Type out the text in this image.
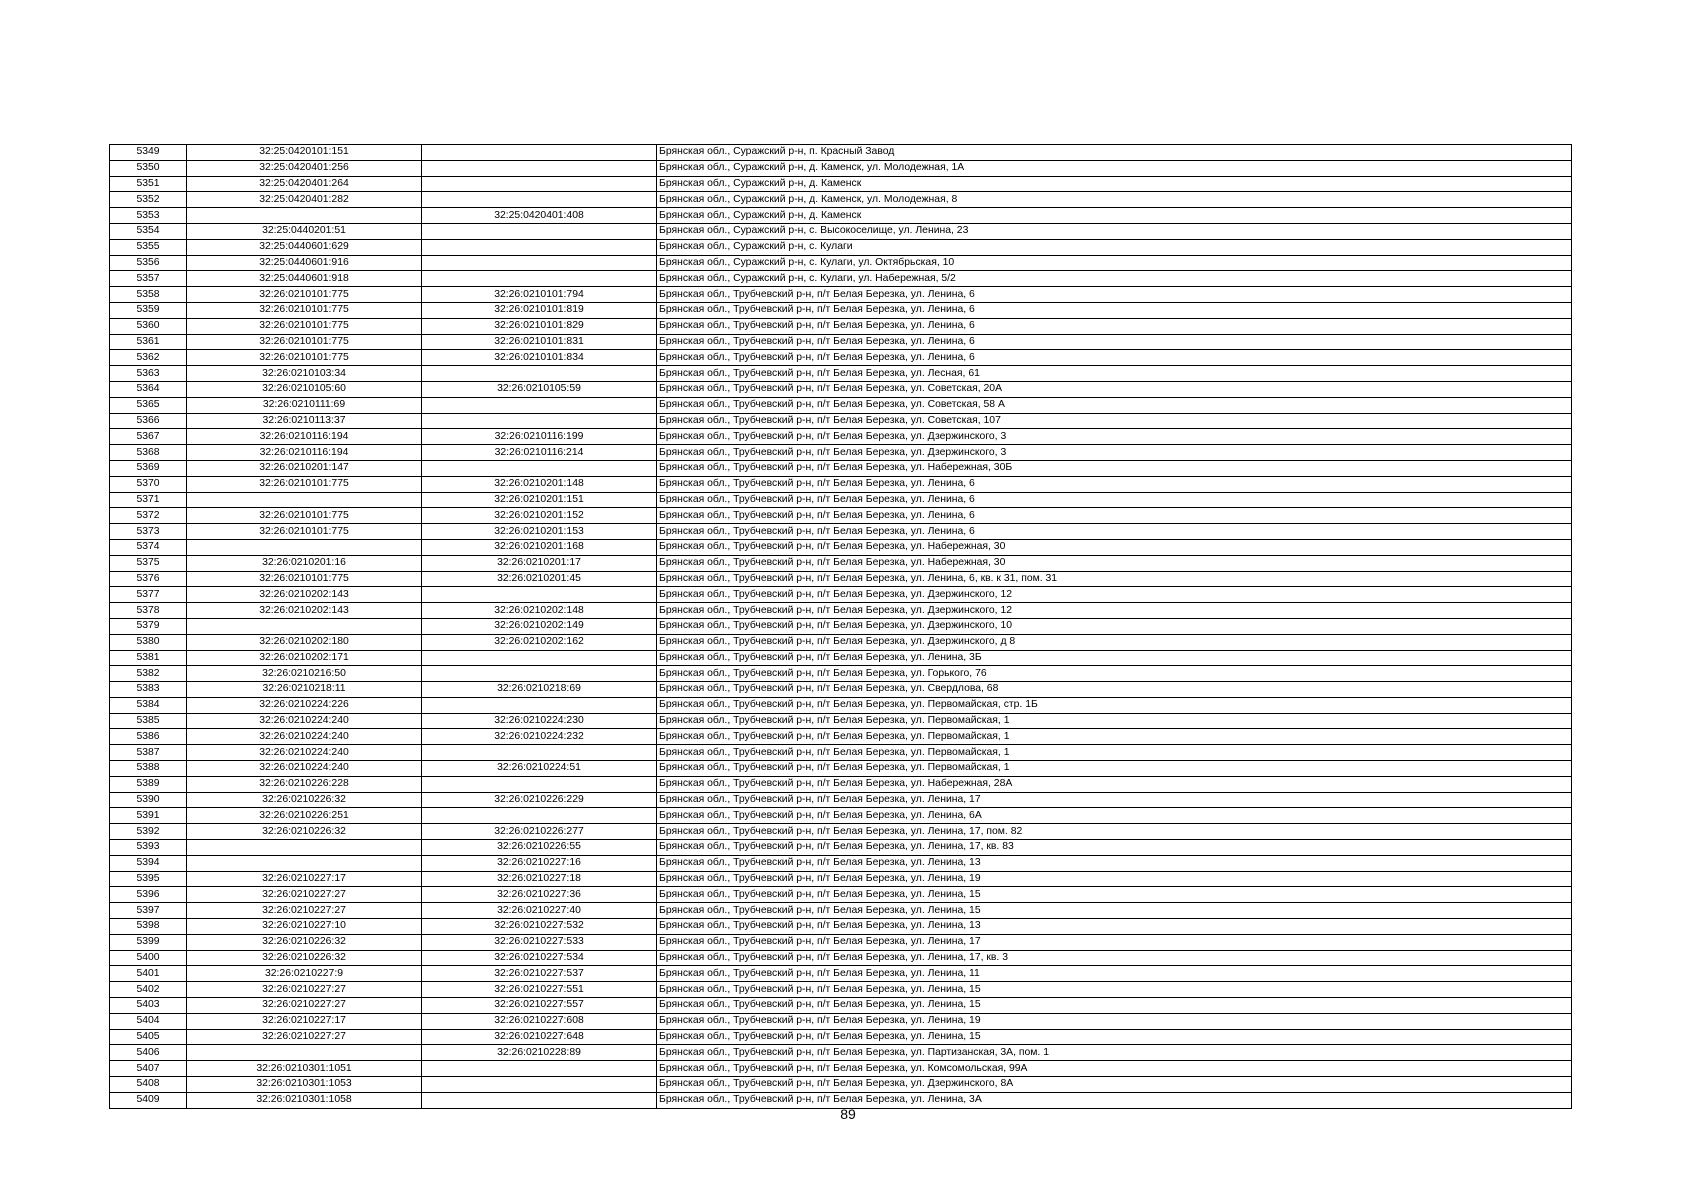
5349	32:25:0420101:151		Брянская обл., Суражский р-н, п. Красный Завод
5350	32:25:0420401:256		Брянская обл., Суражский р-н, д. Каменск, ул. Молодежная, 1А
5351	32:25:0420401:264		Брянская обл., Суражский р-н, д. Каменск
5352	32:25:0420401:282		Брянская обл., Суражский р-н, д. Каменск, ул. Молодежная, 8
5353		32:25:0420401:408	Брянская обл., Суражский р-н, д. Каменск
5354	32:25:0440201:51		Брянская обл., Суражский р-н, с. Высокоселище, ул. Ленина, 23
5355	32:25:0440601:629		Брянская обл., Суражский р-н, с. Кулаги
5356	32:25:0440601:916		Брянская обл., Суражский р-н, с. Кулаги, ул. Октябрьская, 10
5357	32:25:0440601:918		Брянская обл., Суражский р-н, с. Кулаги, ул. Набережная, 5/2
5358	32:26:0210101:775	32:26:0210101:794	Брянская обл., Трубчевский р-н, п/т Белая Березка, ул. Ленина, 6
5359	32:26:0210101:775	32:26:0210101:819	Брянская обл., Трубчевский р-н, п/т Белая Березка, ул. Ленина, 6
5360	32:26:0210101:775	32:26:0210101:829	Брянская обл., Трубчевский р-н, п/т Белая Березка, ул. Ленина, 6
5361	32:26:0210101:775	32:26:0210101:831	Брянская обл., Трубчевский р-н, п/т Белая Березка, ул. Ленина, 6
5362	32:26:0210101:775	32:26:0210101:834	Брянская обл., Трубчевский р-н, п/т Белая Березка, ул. Ленина, 6
5363	32:26:0210103:34		Брянская обл., Трубчевский р-н, п/т Белая Березка, ул. Лесная, 61
5364	32:26:0210105:60	32:26:0210105:59	Брянская обл., Трубчевский р-н, п/т Белая Березка, ул. Советская, 20А
5365	32:26:0210111:69		Брянская обл., Трубчевский р-н, п/т Белая Березка, ул. Советская, 58 А
5366	32:26:0210113:37		Брянская обл., Трубчевский р-н, п/т Белая Березка, ул. Советская, 107
5367	32:26:0210116:194	32:26:0210116:199	Брянская обл., Трубчевский р-н, п/т Белая Березка, ул. Дзержинского, 3
5368	32:26:0210116:194	32:26:0210116:214	Брянская обл., Трубчевский р-н, п/т Белая Березка, ул. Дзержинского, 3
5369	32:26:0210201:147		Брянская обл., Трубчевский р-н, п/т Белая Березка, ул. Набережная, 30Б
5370	32:26:0210101:775	32:26:0210201:148	Брянская обл., Трубчевский р-н, п/т Белая Березка, ул. Ленина, 6
5371		32:26:0210201:151	Брянская обл., Трубчевский р-н, п/т Белая Березка, ул. Ленина, 6
5372	32:26:0210101:775	32:26:0210201:152	Брянская обл., Трубчевский р-н, п/т Белая Березка, ул. Ленина, 6
5373	32:26:0210101:775	32:26:0210201:153	Брянская обл., Трубчевский р-н, п/т Белая Березка, ул. Ленина, 6
5374		32:26:0210201:168	Брянская обл., Трубчевский р-н, п/т Белая Березка, ул. Набережная, 30
5375	32:26:0210201:16	32:26:0210201:17	Брянская обл., Трубчевский р-н, п/т Белая Березка, ул. Набережная, 30
5376	32:26:0210101:775	32:26:0210201:45	Брянская обл., Трубчевский р-н, п/т Белая Березка, ул. Ленина, 6, кв. к 31, пом. 31
5377	32:26:0210202:143		Брянская обл., Трубчевский р-н, п/т Белая Березка, ул. Дзержинского, 12
5378	32:26:0210202:143	32:26:0210202:148	Брянская обл., Трубчевский р-н, п/т Белая Березка, ул. Дзержинского, 12
5379		32:26:0210202:149	Брянская обл., Трубчевский р-н, п/т Белая Березка, ул. Дзержинского, 10
5380	32:26:0210202:180	32:26:0210202:162	Брянская обл., Трубчевский р-н, п/т Белая Березка, ул. Дзержинского, д 8
5381	32:26:0210202:171		Брянская обл., Трубчевский р-н, п/т Белая Березка, ул. Ленина, 3Б
5382	32:26:0210216:50		Брянская обл., Трубчевский р-н, п/т Белая Березка, ул. Горького, 76
5383	32:26:0210218:11	32:26:0210218:69	Брянская обл., Трубчевский р-н, п/т Белая Березка, ул. Свердлова, 68
5384	32:26:0210224:226		Брянская обл., Трубчевский р-н, п/т Белая Березка, ул. Первомайская, стр. 1Б
5385	32:26:0210224:240	32:26:0210224:230	Брянская обл., Трубчевский р-н, п/т Белая Березка, ул. Первомайская, 1
5386	32:26:0210224:240	32:26:0210224:232	Брянская обл., Трубчевский р-н, п/т Белая Березка, ул. Первомайская, 1
5387	32:26:0210224:240		Брянская обл., Трубчевский р-н, п/т Белая Березка, ул. Первомайская, 1
5388	32:26:0210224:240	32:26:0210224:51	Брянская обл., Трубчевский р-н, п/т Белая Березка, ул. Первомайская, 1
5389	32:26:0210226:228		Брянская обл., Трубчевский р-н, п/т Белая Березка, ул. Набережная, 28А
5390	32:26:0210226:32	32:26:0210226:229	Брянская обл., Трубчевский р-н, п/т Белая Березка, ул. Ленина, 17
5391	32:26:0210226:251		Брянская обл., Трубчевский р-н, п/т Белая Березка, ул. Ленина, 6А
5392	32:26:0210226:32	32:26:0210226:277	Брянская обл., Трубчевский р-н, п/т Белая Березка, ул. Ленина, 17, пом. 82
5393		32:26:0210226:55	Брянская обл., Трубчевский р-н, п/т Белая Березка, ул. Ленина, 17, кв. 83
5394		32:26:0210227:16	Брянская обл., Трубчевский р-н, п/т Белая Березка, ул. Ленина, 13
5395	32:26:0210227:17	32:26:0210227:18	Брянская обл., Трубчевский р-н, п/т Белая Березка, ул. Ленина, 19
5396	32:26:0210227:27	32:26:0210227:36	Брянская обл., Трубчевский р-н, п/т Белая Березка, ул. Ленина, 15
5397	32:26:0210227:27	32:26:0210227:40	Брянская обл., Трубчевский р-н, п/т Белая Березка, ул. Ленина, 15
5398	32:26:0210227:10	32:26:0210227:532	Брянская обл., Трубчевский р-н, п/т Белая Березка, ул. Ленина, 13
5399	32:26:0210226:32	32:26:0210227:533	Брянская обл., Трубчевский р-н, п/т Белая Березка, ул. Ленина, 17
5400	32:26:0210226:32	32:26:0210227:534	Брянская обл., Трубчевский р-н, п/т Белая Березка, ул. Ленина, 17, кв. 3
5401	32:26:0210227:9	32:26:0210227:537	Брянская обл., Трубчевский р-н, п/т Белая Березка, ул. Ленина, 11
5402	32:26:0210227:27	32:26:0210227:551	Брянская обл., Трубчевский р-н, п/т Белая Березка, ул. Ленина, 15
5403	32:26:0210227:27	32:26:0210227:557	Брянская обл., Трубчевский р-н, п/т Белая Березка, ул. Ленина, 15
5404	32:26:0210227:17	32:26:0210227:608	Брянская обл., Трубчевский р-н, п/т Белая Березка, ул. Ленина, 19
5405	32:26:0210227:27	32:26:0210227:648	Брянская обл., Трубчевский р-н, п/т Белая Березка, ул. Ленина, 15
5406		32:26:0210228:89	Брянская обл., Трубчевский р-н, п/т Белая Березка, ул. Партизанская, 3А, пом. 1
5407	32:26:0210301:1051		Брянская обл., Трубчевский р-н, п/т Белая Березка, ул. Комсомольская, 99А
5408	32:26:0210301:1053		Брянская обл., Трубчевский р-н, п/т Белая Березка, ул. Дзержинского, 8А
5409	32:26:0210301:1058		Брянская обл., Трубчевский р-н, п/т Белая Березка, ул. Ленина, 3А
89
